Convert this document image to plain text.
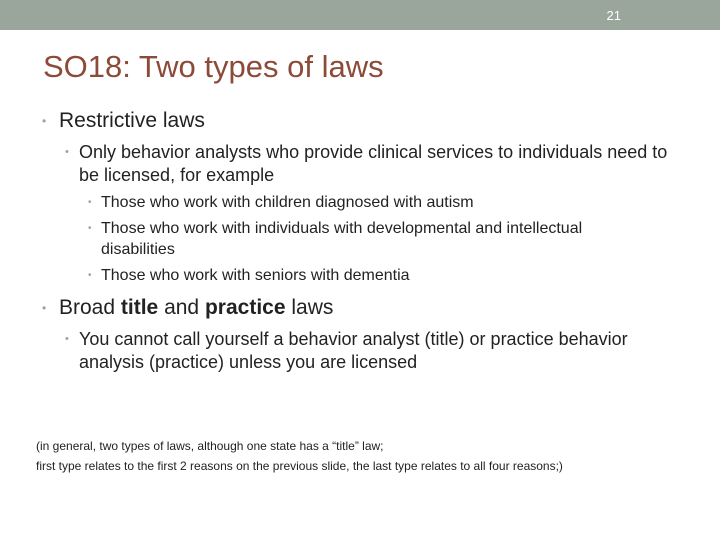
21
SO18: Two types of laws
• Restrictive laws
• Only behavior analysts who provide clinical services to individuals need to be licensed, for example
• Those who work with children diagnosed with autism
• Those who work with individuals with developmental and intellectual disabilities
• Those who work with seniors with dementia
• Broad title and practice laws
• You cannot call yourself a behavior analyst (title) or practice behavior analysis (practice) unless you are licensed
(in general, two types of laws, although one state has a “title” law;
first type relates to the first 2 reasons on the previous slide, the last type relates to all four reasons;)
